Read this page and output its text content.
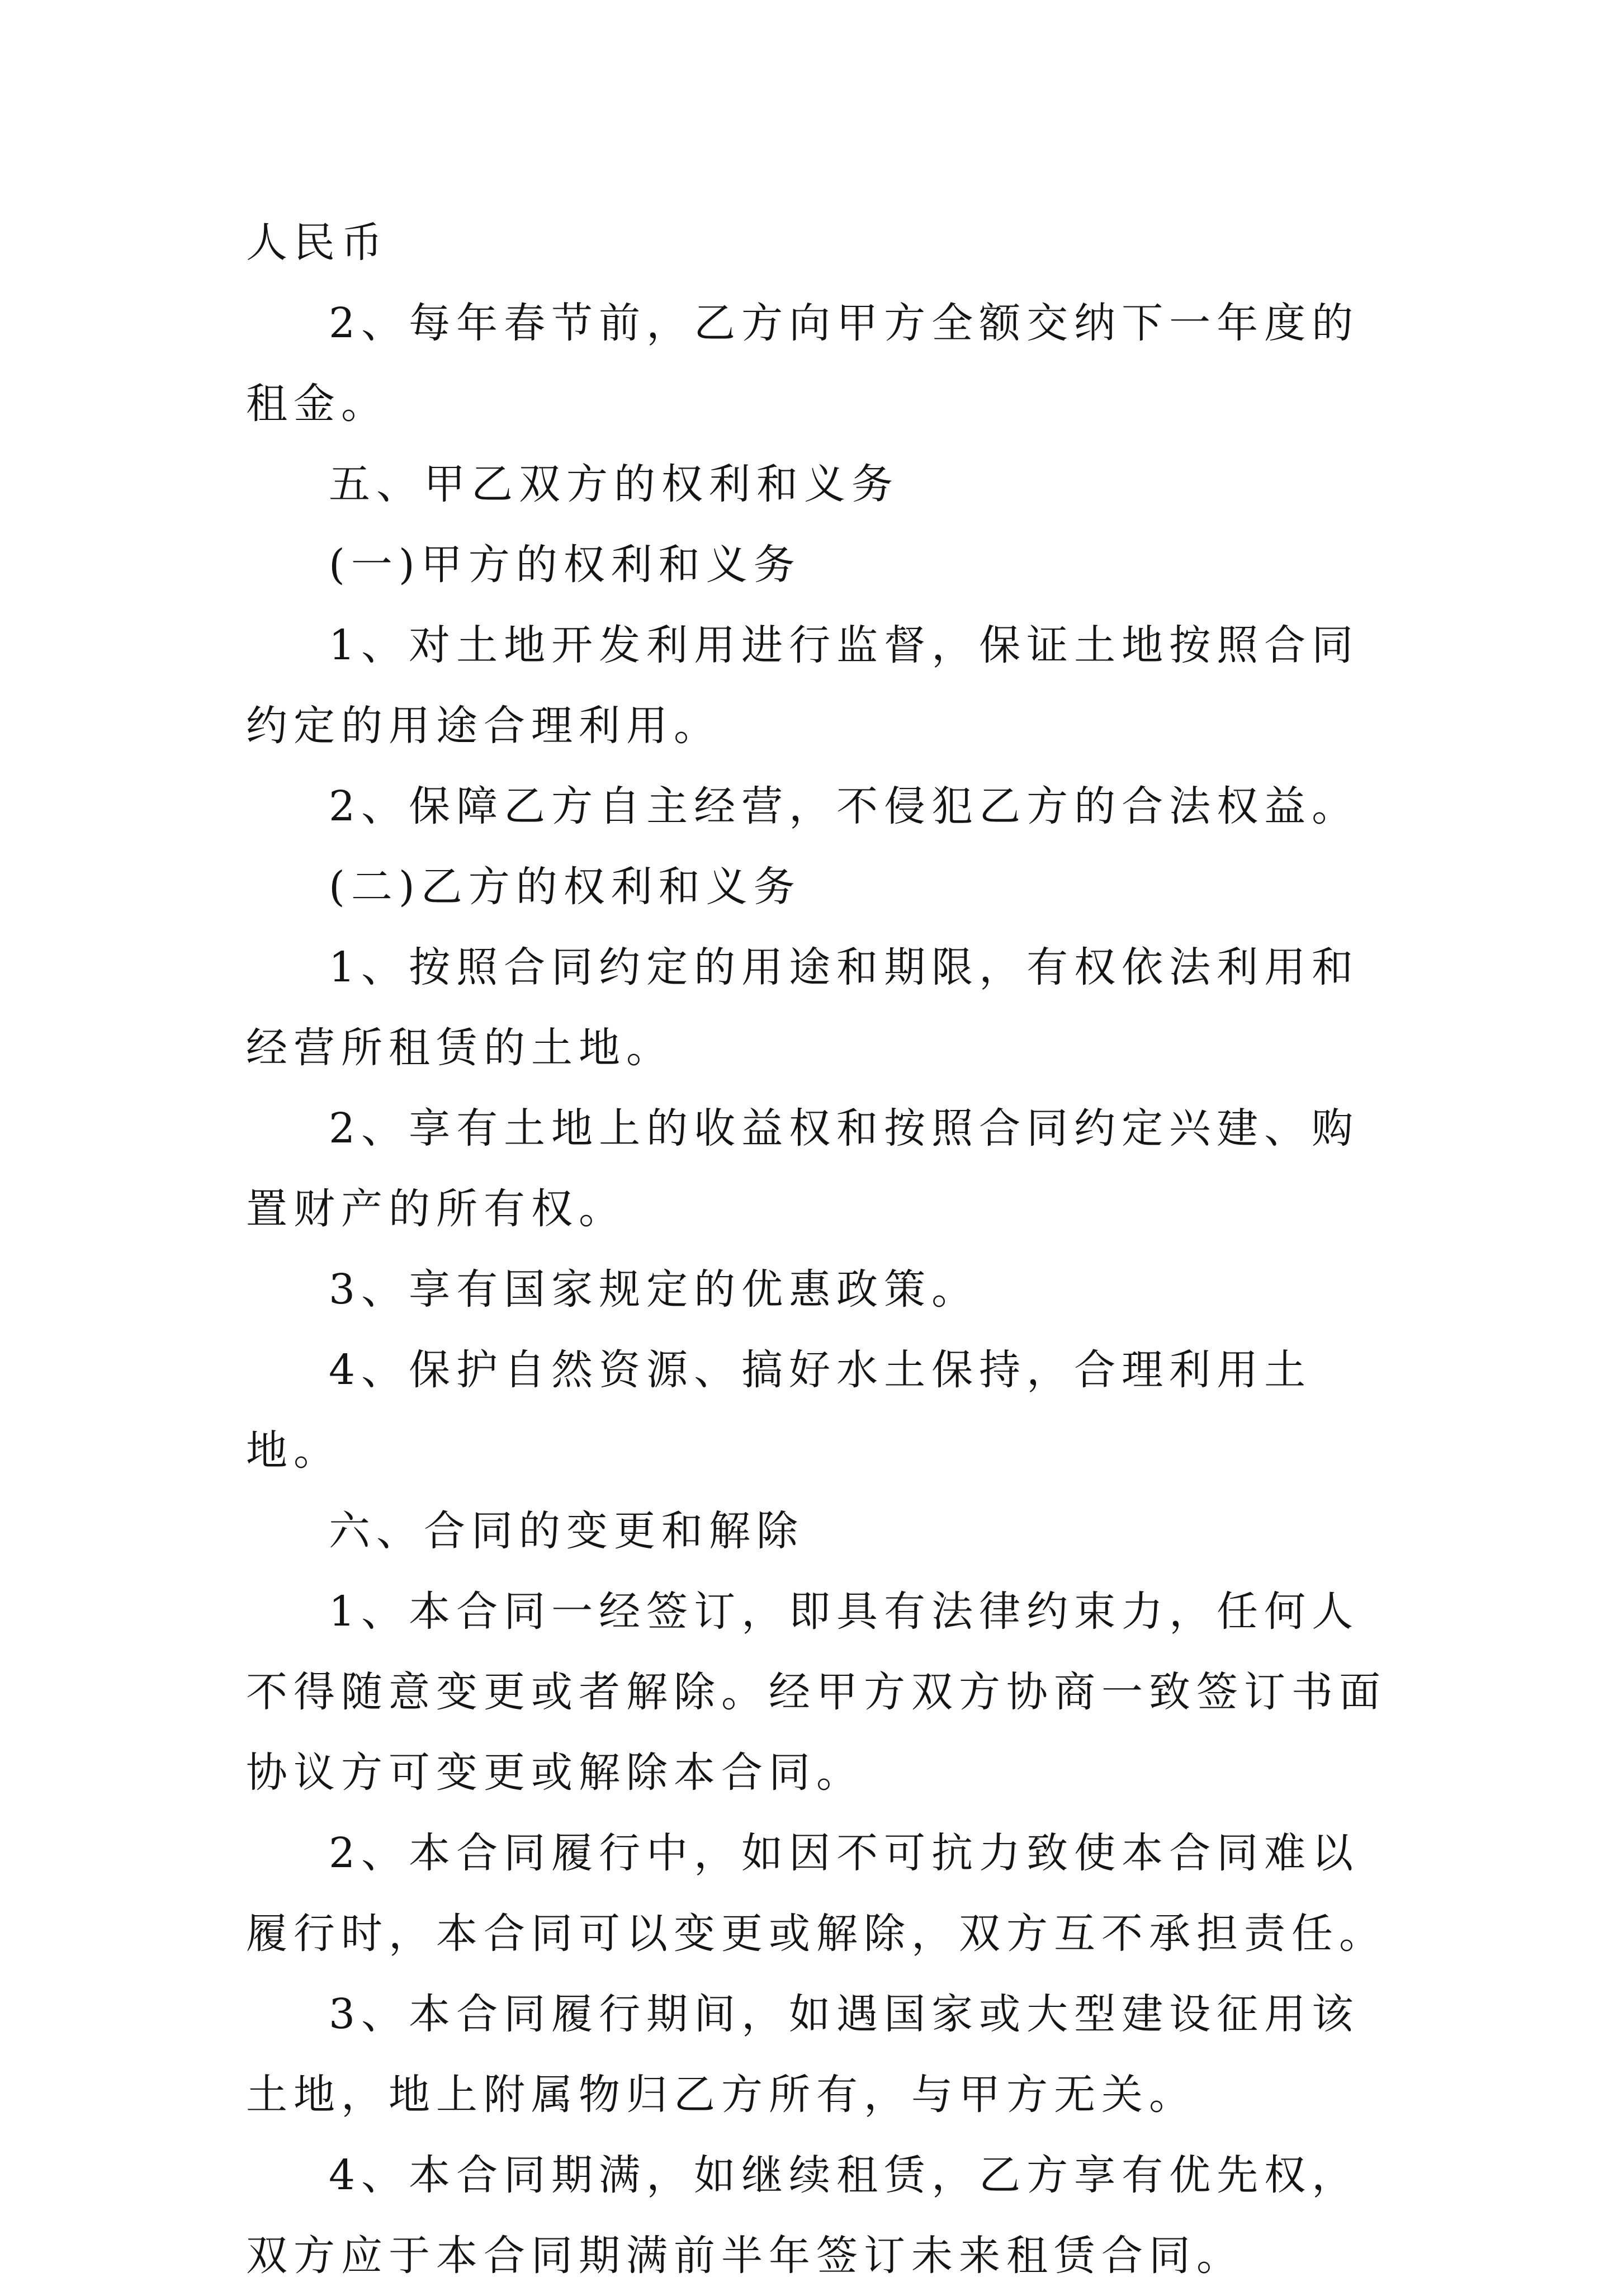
人民币

2、每年春节前，乙方向甲方全额交纳下一年度的租金。

五、甲乙双方的权利和义务

(一)甲方的权利和义务

1、对土地开发利用进行监督，保证土地按照合同约定的用途合理利用。

2、保障乙方自主经营，不侵犯乙方的合法权益。

(二)乙方的权利和义务

1、按照合同约定的用途和期限，有权依法利用和经营所租赁的土地。

2、享有土地上的收益权和按照合同约定兴建、购置财产的所有权。

3、享有国家规定的优惠政策。

4、保护自然资源、搞好水土保持，合理利用土地。

六、合同的变更和解除

1、本合同一经签订，即具有法律约束力，任何人不得随意变更或者解除。经甲方双方协商一致签订书面协议方可变更或解除本合同。

2、本合同履行中，如因不可抗力致使本合同难以履行时，本合同可以变更或解除，双方互不承担责任。

3、本合同履行期间，如遇国家或大型建设征用该土地，地上附属物归乙方所有，与甲方无关。

4、本合同期满，如继续租赁，乙方享有优先权，双方应于本合同期满前半年签订未来租赁合同。
